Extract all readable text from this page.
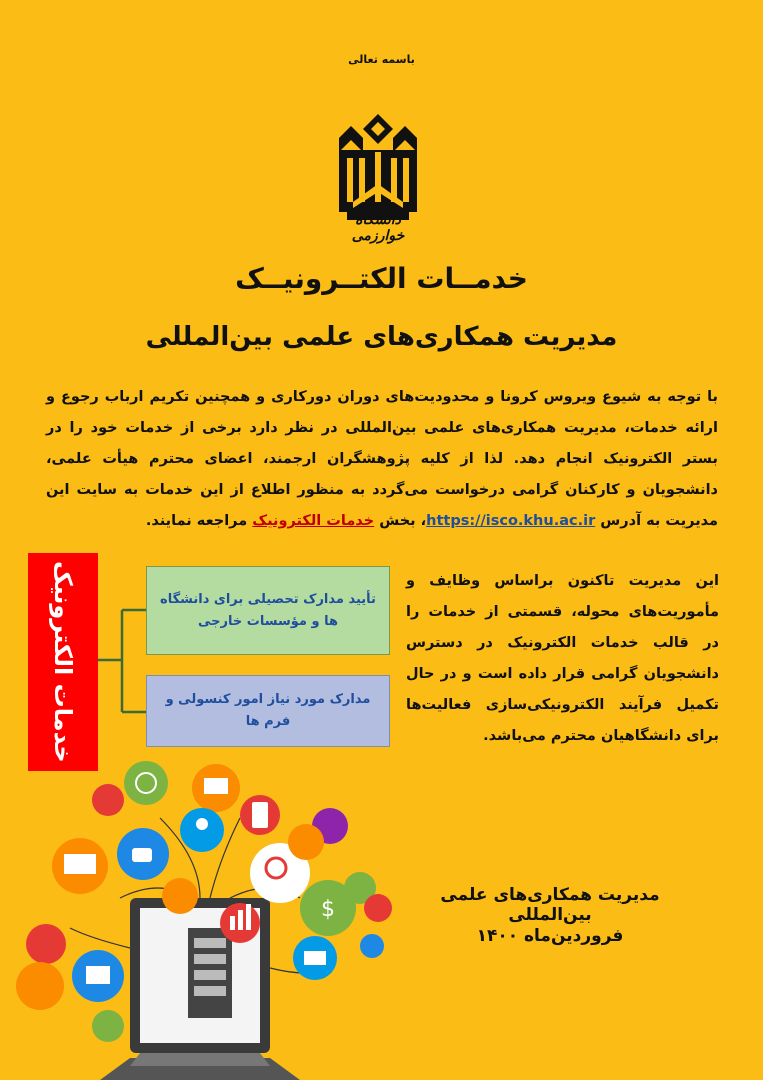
باسمه تعالی
دانشگاه خوارزمی
خدمــات الکتــرونیــک
مدیریت همکاری‌های علمی بین‌المللی
با توجه به شیوع ویروس کرونا و محدودیت‌های دوران دورکاری و همچنین تکریم ارباب رجوع و ارائه خدمات، مدیریت همکاری‌های علمی بین‌المللی در نظر دارد برخی از خدمات خود را در بستر الکترونیک انجام دهد. لذا از کلیه پژوهشگران ارجمند، اعضای محترم هیأت علمی، دانشجویان و کارکنان گرامی درخواست می‌گردد به منظور اطلاع از این خدمات به سایت این مدیریت به آدرس https://isco.khu.ac.ir، بخش خدمات الکترونیک مراجعه نمایند.
خدمات الکترونیک	تأیید مدارک تحصیلی برای دانشگاه ها و مؤسسات خارجی
مدارک مورد نیاز امور کنسولی و فرم ها
این مدیریت تاکنون براساس وظایف و مأموریت‌های محوله، قسمتی از خدمات را در قالب خدمات الکترونیک در دسترس دانشجویان گرامی قرار داده است و در حال تکمیل فرآیند الکترونیکی‌سازی فعالیت‌ها برای دانشگاهیان محترم می‌باشد.
$
مدیریت همکاری‌های علمی بین‌المللی
فروردین‌ماه ۱۴۰۰
